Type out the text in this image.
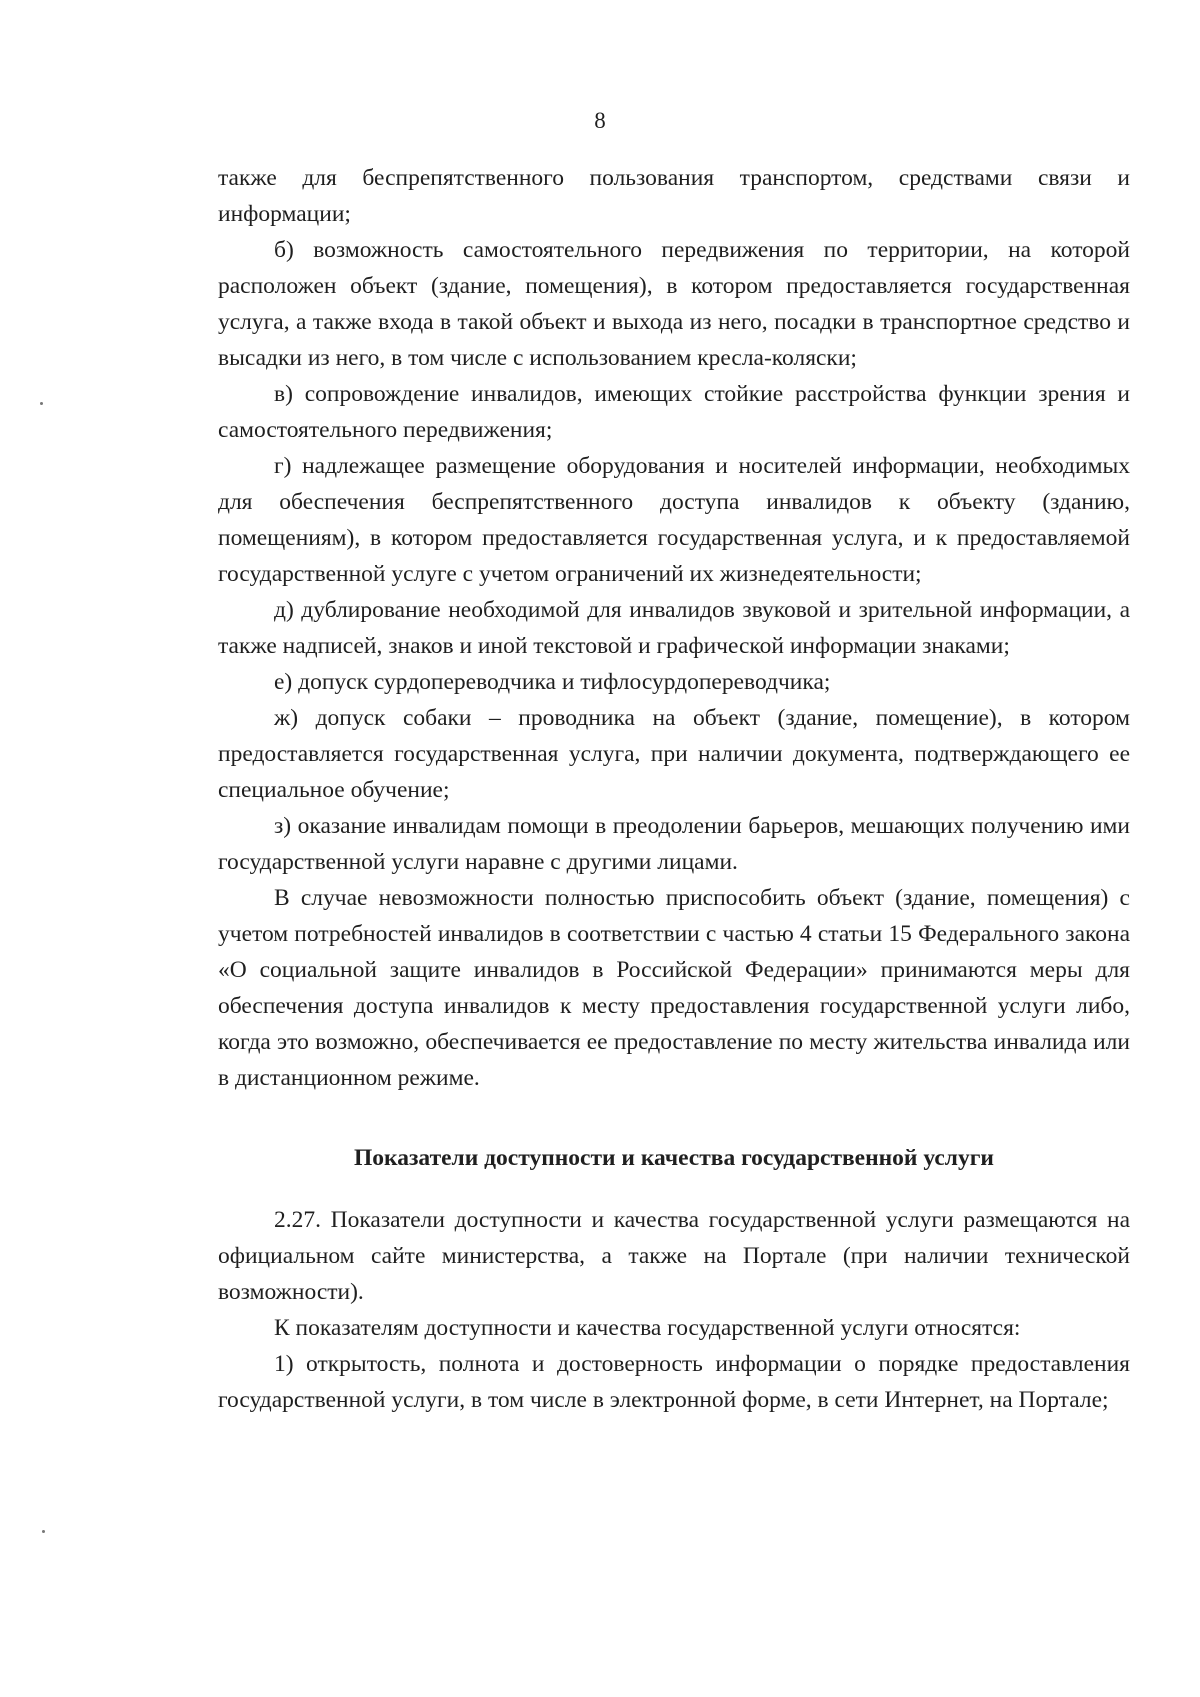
8

также для беспрепятственного пользования транспортом, средствами связи и информации;

б) возможность самостоятельного передвижения по территории, на которой расположен объект (здание, помещения), в котором предоставляется государственная услуга, а также входа в такой объект и выхода из него, посадки в транспортное средство и высадки из него, в том числе с использованием кресла-коляски;

в) сопровождение инвалидов, имеющих стойкие расстройства функции зрения и самостоятельного передвижения;

г) надлежащее размещение оборудования и носителей информации, необходимых для обеспечения беспрепятственного доступа инвалидов к объекту (зданию, помещениям), в котором предоставляется государственная услуга, и к предоставляемой государственной услуге с учетом ограничений их жизнедеятельности;

д) дублирование необходимой для инвалидов звуковой и зрительной информации, а также надписей, знаков и иной текстовой и графической информации знаками;

е) допуск сурдопереводчика и тифлосурдопереводчика;

ж) допуск собаки – проводника на объект (здание, помещение), в котором предоставляется государственная услуга, при наличии документа, подтверждающего ее специальное обучение;

з) оказание инвалидам помощи в преодолении барьеров, мешающих получению ими государственной услуги наравне с другими лицами.

В случае невозможности полностью приспособить объект (здание, помещения) с учетом потребностей инвалидов в соответствии с частью 4 статьи 15 Федерального закона «О социальной защите инвалидов в Российской Федерации» принимаются меры для обеспечения доступа инвалидов к месту предоставления государственной услуги либо, когда это возможно, обеспечивается ее предоставление по месту жительства инвалида или в дистанционном режиме.

Показатели доступности и качества государственной услуги

2.27. Показатели доступности и качества государственной услуги размещаются на официальном сайте министерства, а также на Портале (при наличии технической возможности).

К показателям доступности и качества государственной услуги относятся:

1) открытость, полнота и достоверность информации о порядке предоставления государственной услуги, в том числе в электронной форме, в сети Интернет, на Портале;
